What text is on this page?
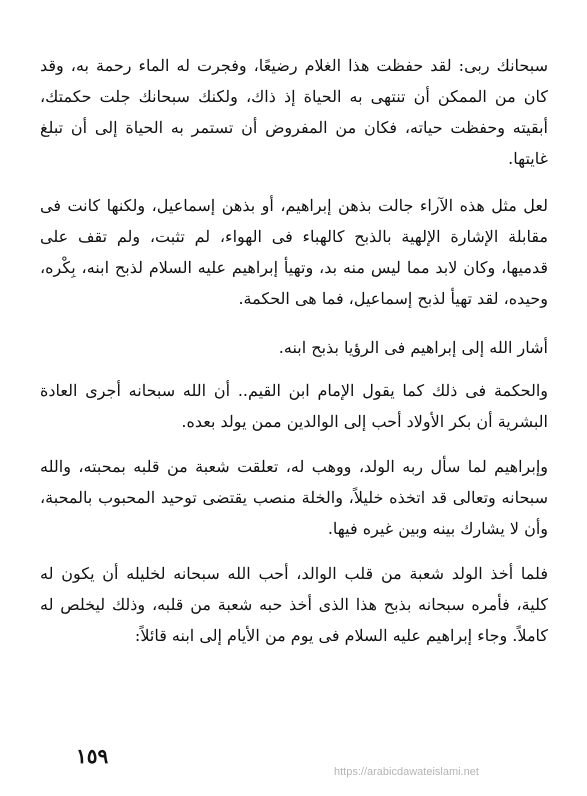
سبحانك ربى: لقد حفظت هذا الغلام رضيعًا، وفجرت له الماء رحمة به، وقد كان من الممكن أن تنتهى به الحياة إذ ذاك، ولكنك سبحانك جلت حكمتك، أبقيته وحفظت حياته، فكان من المفروض أن تستمر به الحياة إلى أن تبلغ غايتها.

لعل مثل هذه الآراء جالت بذهن إبراهيم، أو بذهن إسماعيل، ولكنها كانت فى مقابلة الإشارة الإلهية بالذبح كالهباء فى الهواء، لم تثبت، ولم تقف على قدميها، وكان لابد مما ليس منه بد، وتهيأ إبراهيم عليه السلام لذبح ابنه، بِكْره، وحيده، لقد تهيأ لذبح إسماعيل، فما هى الحكمة.

أشار الله إلى إبراهيم فى الرؤيا بذبح ابنه.

والحكمة فى ذلك كما يقول الإمام ابن القيم.. أن الله سبحانه أجرى العادة البشرية أن بكر الأولاد أحب إلى الوالدين ممن يولد بعده.

وإبراهيم لما سأل ربه الولد، ووهب له، تعلقت شعبة من قلبه بمحبته، والله سبحانه وتعالى قد اتخذه خليلاً، والخلة منصب يقتضى توحيد المحبوب بالمحبة، وأن لا يشارك بينه وبين غيره فيها.

فلما أخذ الولد شعبة من قلب الوالد، أحب الله سبحانه لخليله أن يكون له كلية، فأمره سبحانه بذبح هذا الذى أخذ حبه شعبة من قلبه، وذلك ليخلص له كاملاً. وجاء إبراهيم عليه السلام فى يوم من الأيام إلى ابنه قائلاً:

١٥٩
https://arabicdawateislami.net
